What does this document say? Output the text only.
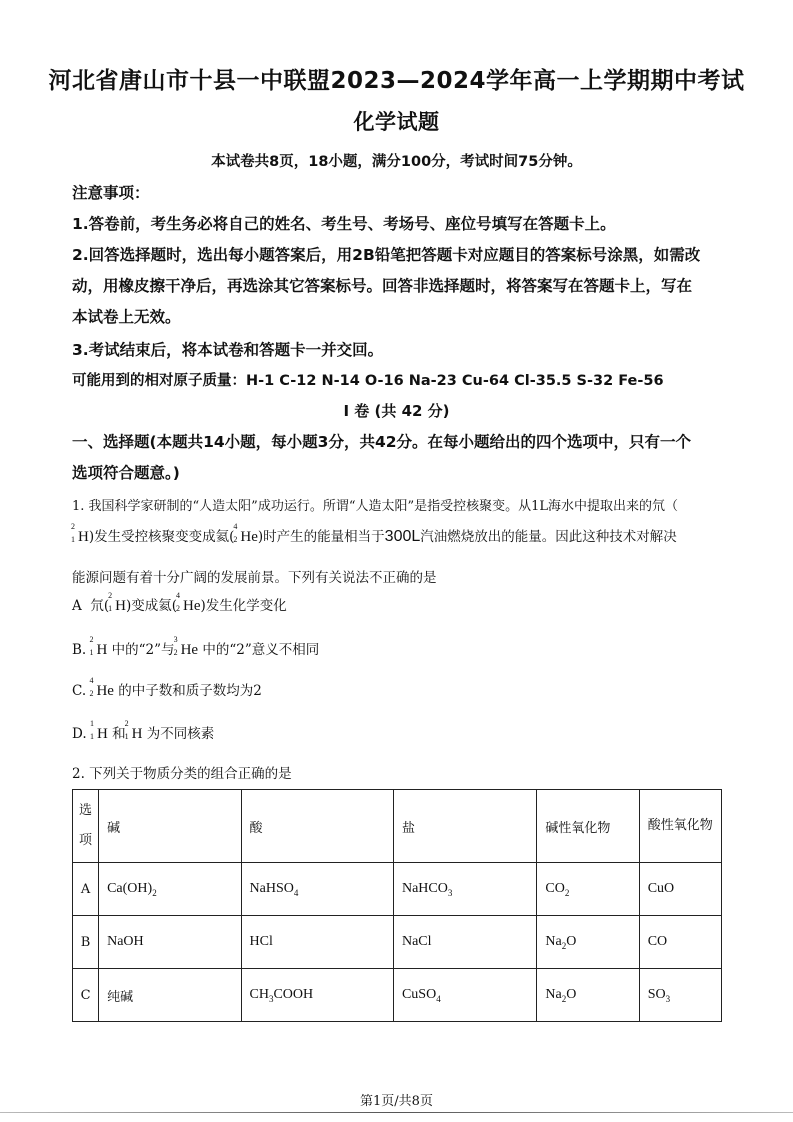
河北省唐山市十县一中联盟2023—2024学年高一上学期期中考试
化学试题
本试卷共8页，18小题，满分100分，考试时间75分钟。
注意事项：
1.答卷前，考生务必将自己的姓名、考生号、考场号、座位号填写在答题卡上。
2.回答选择题时，选出每小题答案后，用2B铅笔把答题卡对应题目的答案标号涂黑，如需改
动，用橡皮擦干净后，再选涂其它答案标号。回答非选择题时，将答案写在答题卡上，写在
本试卷上无效。
3.考试结束后，将本试卷和答题卡一并交回。
可能用到的相对原子质量：H-1 C-12 N-14 O-16 Na-23 Cu-64 Cl-35.5 S-32 Fe-56
I 卷 (共 42 分)
一、选择题(本题共14小题，每小题3分，共42分。在每小题给出的四个选项中，只有一个
选项符合题意。)
1. 我国科学家研制的“人造太阳”成功运行。所谓“人造太阳”是指受控核聚变。从1L海水中提取出来的氘（
2
1 H)发生受控核聚变变成氦(
4
2 He)时产生的能量相当于300L汽油燃烧放出的能量。因此这种技术对解决
能源问题有着十分广阔的发展前景。下列有关说法不正确的是
A 氘(
2
1 H)变成氦(
4
2 He)发生化学变化
B.
2
1 H 中的“2”与
3
2 He 中的“2”意义不相同
C.
4
2 He 的中子数和质子数均为2
D.
1
1 H 和
2
1 H 为不同核素
2. 下列关于物质分类的组合正确的是
选项	碱	酸	盐	碱性氧化物	酸性氧化物
A	$Ca(OH)_2$	NaHSO$_4$	NaHCO$_3$	$CO_2$	CuO
B	NaOH	HCl	NaCl	$Na_2O$	CO
C	纯碱	$CH_3COOH$	CuSO$_4$	$Na_2O$	$SO_3$
第1页/共8页
